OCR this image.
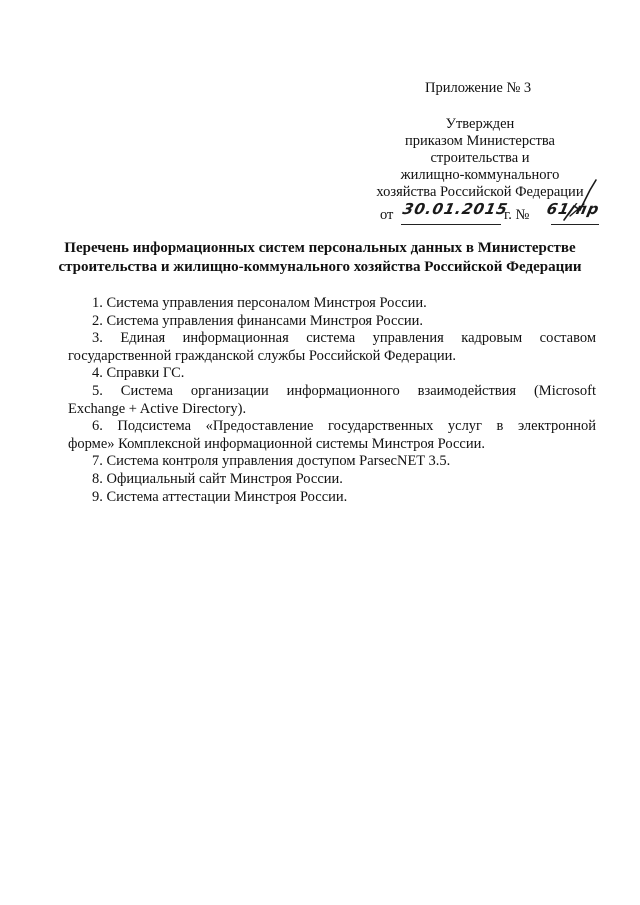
Приложение № 3
Утвержден
приказом Министерства
строительства и
жилищно-коммунального
хозяйства Российской Федерации
от 30.01.2015
г. № 61/пр
Перечень информационных систем персональных данных в Министерстве
строительства и жилищно-коммунального хозяйства Российской Федерации
1. Система управления персоналом Минстроя России.
2. Система управления финансами Минстроя России.
3. Единая информационная система управления кадровым составом
государственной гражданской службы Российской Федерации.
4. Справки ГС.
5. Система организации информационного взаимодействия (Microsoft
Exchange + Active Directory).
6. Подсистема «Предоставление государственных услуг в электронной
форме» Комплексной информационной системы Минстроя России.
7. Система контроля управления доступом ParsecNET 3.5.
8. Официальный сайт Минстроя России.
9. Система аттестации Минстроя России.
